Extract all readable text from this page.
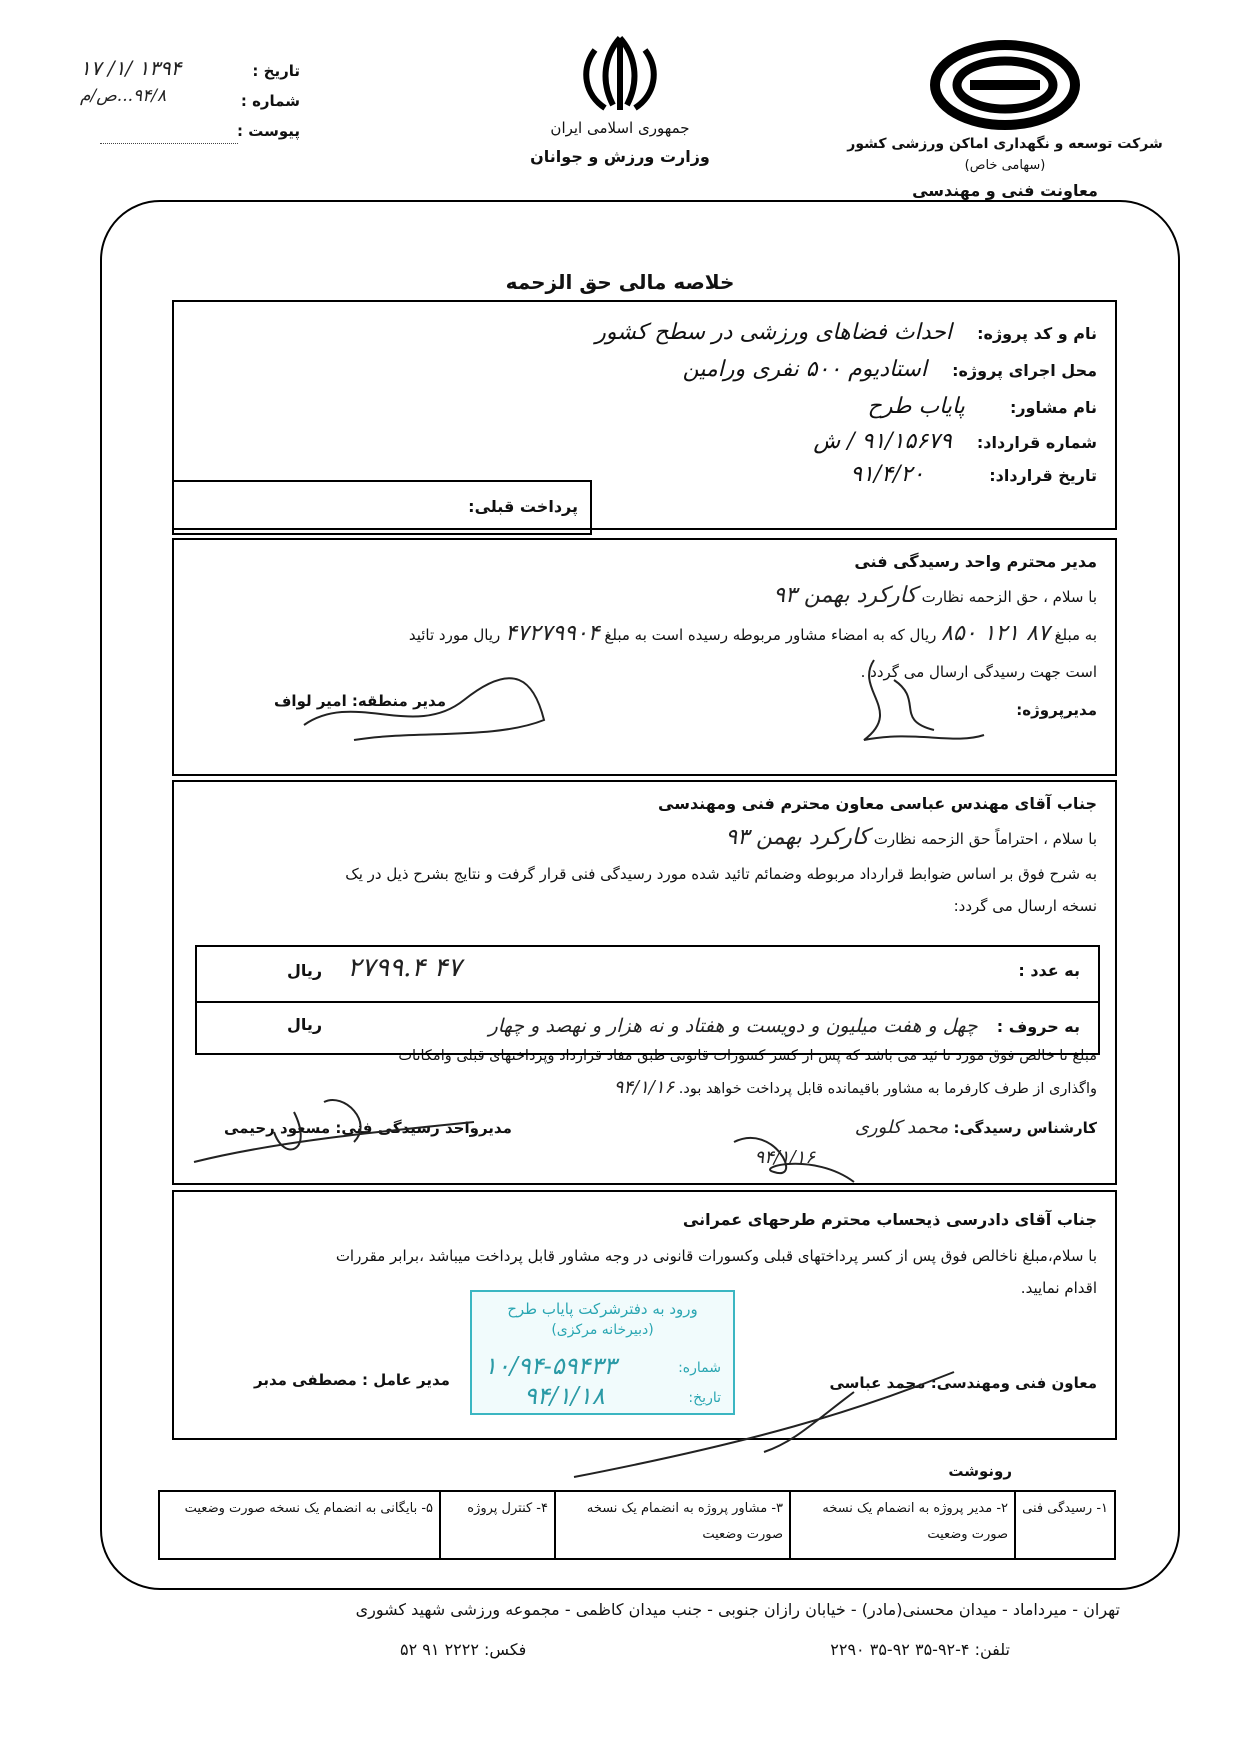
شرکت توسعه و نگهداری اماکن ورزشی کشور
(سهامی خاص)
معاونت فنی و مهندسی
جمهوری اسلامی ایران
وزارت ورزش و جوانان
تاریخ :
۱۳۹۴ /۱/ ۱۷
شماره :
۹۴/۸...ص/م
پیوست :
خلاصه مالی حق الزحمه
نام و کد پروژه: احداث فضاهای ورزشی در سطح کشور
محل اجرای پروژه: استادیوم ۵۰۰ نفری ورامین
نام مشاور: پایاب طرح
شماره قرارداد: ۹۱/۱۵۶۷۹ / ش
تاریخ قرارداد: ۹۱/۴/۲۰
پرداخت قبلی:
مدیر محترم واحد رسیدگی فنی
با سلام ، حق الزحمه نظارت کارکرد بهمن ۹۳
به مبلغ ۸۷ ۱۲۱ ۸۵۰ ریال که به امضاء مشاور مربوطه رسیده است به مبلغ ۴۷۲۷۹۹۰۴ ریال مورد تائید
است جهت رسیدگی ارسال می گردد .
مدیرپروژه:
مدیر منطقه: امیر لواف
جناب آقای مهندس عباسی معاون محترم فنی ومهندسی
با سلام ، احتراماً حق الزحمه نظارت کارکرد بهمن ۹۳
به شرح فوق بر اساس ضوابط قرارداد مربوطه وضمائم تائید شده مورد رسیدگی فنی قرار گرفت و نتایج بشرح ذیل در یک
نسخه ارسال می گردد:
مبلغ نا خالص فوق مورد تا ئید می باشد که پس از کسر کسورات قانونی طبق مفاد قرارداد وپرداختهای قبلی وامکانات
واگذاری از طرف کارفرما به مشاور باقیمانده قابل پرداخت خواهد بود. ۹۴/۱/۱۶
کارشناس رسیدگی: محمد کلوری
مدیرواحد رسیدگی فنی: مسعود رحیمی
۹۴/۱/۱۶
به عدد :
۴۷ ۲۷۹۹.۴ ریال
به حروف : چهل و هفت میلیون و دویست و هفتاد و نه هزار و نهصد و چهار
ریال
جناب آقای دادرسی ذیحساب محترم طرحهای عمرانی
با سلام،مبلغ ناخالص فوق پس از کسر پرداختهای قبلی وکسورات قانونی در وجه مشاور قابل پرداخت میباشد ،برابر مقررات
اقدام نمایید.
معاون فنی ومهندسی: محمد عباسی
مدیر عامل : مصطفی مدبر
ورود به دفترشرکت پایاب طرح
(دبیرخانه مرکزی)
شماره:
۱۰/۹۴-۵۹۴۳۳
تاریخ:
۹۴/۱/۱۸
رونوشت
۱- رسیدگی فنی
۲- مدیر پروژه به انضمام یک نسخه صورت وضعیت
۳- مشاور پروژه به انضمام یک نسخه صورت وضعیت
۴- کنترل پروژه
۵- بایگانی به انضمام یک نسخه صورت وضعیت
تهران - میرداماد - میدان محسنی(مادر) - خیابان رازان جنوبی - جنب میدان کاظمی - مجموعه ورزشی شهید کشوری
تلفن: ۴-۹۲-۳۵ ۹۲-۳۵ ۲۲۹۰
فکس: ۲۲۲۲ ۹۱ ۵۲
